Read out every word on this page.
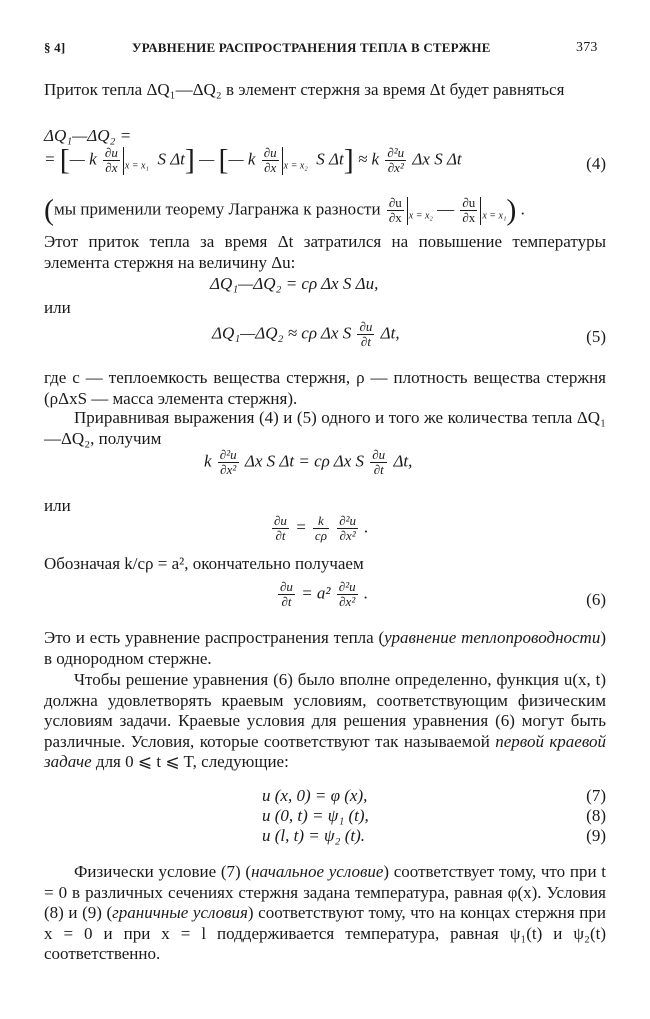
§ 4]	УРАВНЕНИЕ РАСПРОСТРАНЕНИЯ ТЕПЛА В СТЕРЖНЕ	373

Приток тепла ΔQ₁—ΔQ₂ в элемент стержня за время Δt будет равняться

ΔQ₁—ΔQ₂ =
= [— k $\frac{\partial u}{\partial x} _{x = x_1}$  S Δt] — [— k $\frac{\partial u}{\partial x} _{x = x_2}$  S Δt] ≈ k $\frac{\text{∂²u}}{\text{∂x²}}$ Δx S Δt	(4)
(мы применили теорему Лагранжа к разности $\frac{\partial u}{\partial x} _{x = x_2}$ — $\frac{\partial u}{\partial x} _{x = x_1}$) .

Этот приток тепла за время Δt затратился на повышение температуры элемента стержня на величину Δu:

ΔQ₁—ΔQ₂ = cρ Δx S Δu,
или
ΔQ₁—ΔQ₂ ≈ cρ Δx S $\frac{\partial u}{\partial t} \Delta t$,	(5)

где c — теплоемкость вещества стержня, ρ — плотность вещества стержня (ρΔxS — масса элемента стержня).

Приравнивая выражения (4) и (5) одного и того же количества тепла ΔQ₁—ΔQ₂, получим

k $\frac{\text{∂²u}}{\text{∂x²}}$ Δx S Δt = cρ Δx S $\frac{\partial u}{\partial t} \Delta t$,
или
$\frac{\partial u}{\partial t} = \frac{k}{c\rho}$
$\frac{\text{∂²u}}{\text{∂x²}}$ .

Обозначая k/cρ = a², окончательно получаем

$\frac{\partial u}{\partial t} = a^2 \frac{\text{∂²u}}{\text{∂x²}}$ .	(6)

Это и есть уравнение распространения тепла (уравнение теплопроводности) в однородном стержне.

Чтобы решение уравнения (6) было вполне определенно, функция u(x, t) должна удовлетворять краевым условиям, соответствующим физическим условиям задачи. Краевые условия для решения уравнения (6) могут быть различные. Условия, которые соответствуют так называемой первой краевой задаче для 0 ⩽ t ⩽ T, следующие:

u (x, 0) = φ (x),	(7)
u (0, t) = ψ₁ (t),	(8)
u (l, t) = ψ₂ (t).	(9)

Физически условие (7) (начальное условие) соответствует тому, что при t = 0 в различных сечениях стержня задана температура, равная φ(x). Условия (8) и (9) (граничные условия) соответствуют тому, что на концах стержня при x = 0 и при x = l поддерживается температура, равная ψ₁(t) и ψ₂(t) соответственно.
